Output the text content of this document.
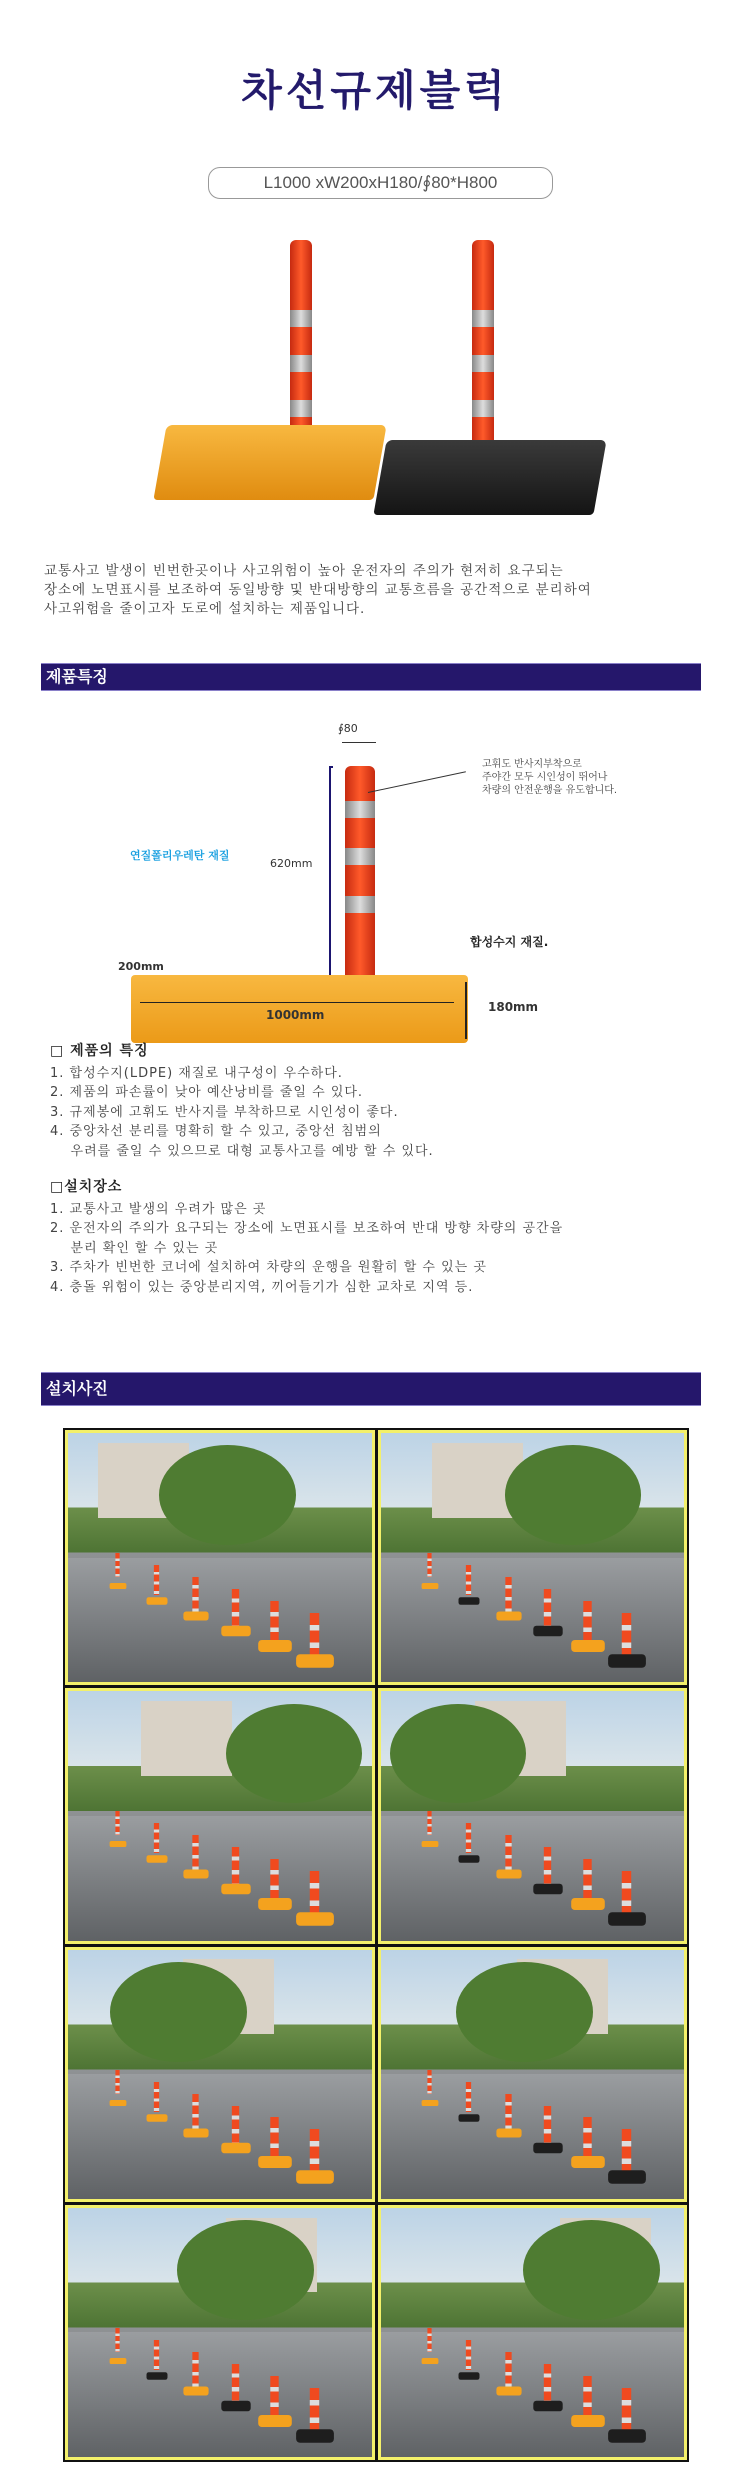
차선규제블럭
L1000 xW200xH180/∮80*H800
교통사고 발생이 빈번한곳이나 사고위험이 높아 운전자의 주의가 현저히 요구되는
장소에 노면표시를 보조하여 동일방향 및 반대방향의 교통흐름을 공간적으로 분리하여
사고위험을 줄이고자 도로에 설치하는 제품입니다.
제품특징
∮80
620mm
고휘도 반사지부착으로
주야간 모두 시인성이 뛰어나
차량의 안전운행을 유도합니다.
연질폴리우레탄 재질
합성수지 재질.
200mm
180mm
1000mm
□ 제품의 특징
1. 합성수지(LDPE) 재질로 내구성이 우수하다.
2. 제품의 파손률이 낮아 예산낭비를 줄일 수 있다.
3. 규제봉에 고휘도 반사지를 부착하므로 시인성이 좋다.
4. 중앙차선 분리를 명확히 할 수 있고, 중앙선 침범의
우려를 줄일 수 있으므로 대형 교통사고를 예방 할 수 있다.
□설치장소
1. 교통사고 발생의 우려가 많은 곳
2. 운전자의 주의가 요구되는 장소에 노면표시를 보조하여 반대 방향 차량의 공간을
분리 확인 할 수 있는 곳
3. 주차가 빈번한 코너에 설치하여 차량의 운행을 원활히 할 수 있는 곳
4. 충돌 위험이 있는 중앙분리지역, 끼어들기가 심한 교차로 지역 등.
설치사진
